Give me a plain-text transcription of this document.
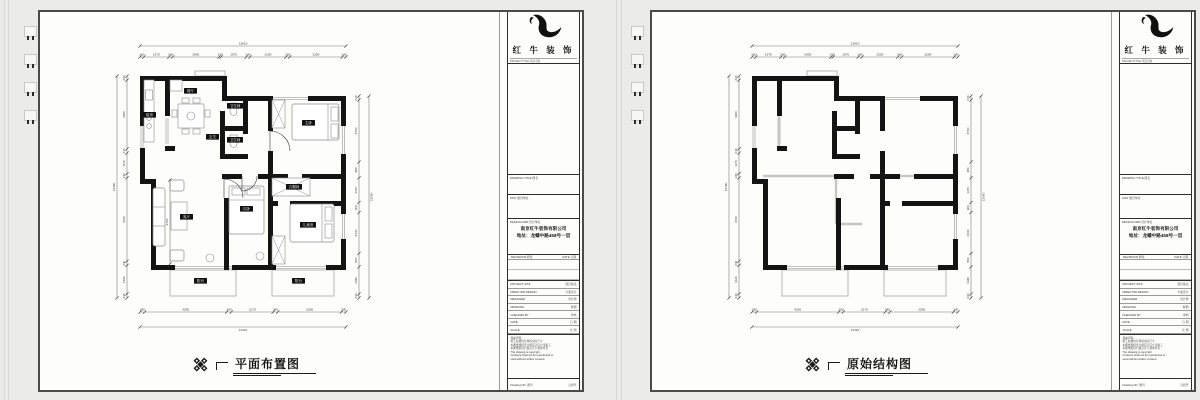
厨房
餐厅
玄关
卫生间
卫生间
主卧
衣帽间
客厅
次卧
儿童房
阳台	阳台
4700
240	1570	240	2900	140 1570	240	2250	240	3290	240
13610
240	4250	240	2170	240	3290	240
11310
240
3920
240
1170
240
4760
240
1620
240
12480
240
3700
950
1470
600
2440
800
1620
240
12060
平面布置图
红 牛 装 饰
PROJECTTITLE 项目名称
DRAWING TITLE 图名
UNIT 建设单位
DESIGN FIRM 设计单位
南京红牛装饰有限公司
地址：龙蟠中路458号一层
REVISIONS 修改	DATE 日期
PROJECT SITE	项目地点
DIRECTOR DESIGN	方案设计
DESIGNER	设计师
DRAWING	制图
CHECKED BY	审核
DATE	日 期
SCALE	比 例
郑重声明：
施工前须核对现场实际尺寸
本图纸须经设计师签字后方可施工
本图纸版权归南京红牛装饰所有
The drawing is copyright.
Contents shall not be reproduced or
used without written consent.
Drawing NO. 图号	合同号
240	1570	240	2900	140 1570	240	2250	240	3290	240
13610
240	4250	240	2170	240	3290	240
11310
240
3920
240
1170
240
4760
240
1620
240
12480
240
3700
950
1470
600
2440
800
1620
240
12060
原始结构图
红 牛 装 饰
PROJECTTITLE 项目名称
DRAWING TITLE 图名
UNIT 建设单位
DESIGN FIRM 设计单位
南京红牛装饰有限公司
地址：龙蟠中路458号一层
REVISIONS 修改	DATE 日期
PROJECT SITE	项目地点
DIRECTOR DESIGN	方案设计
DESIGNER	设计师
DRAWING	制图
CHECKED BY	审核
DATE	日 期
SCALE	比 例
郑重声明：
施工前须核对现场实际尺寸
本图纸须经设计师签字后方可施工
本图纸版权归南京红牛装饰所有
The drawing is copyright.
Contents shall not be reproduced or
used without written consent.
Drawing NO. 图号	合同号
